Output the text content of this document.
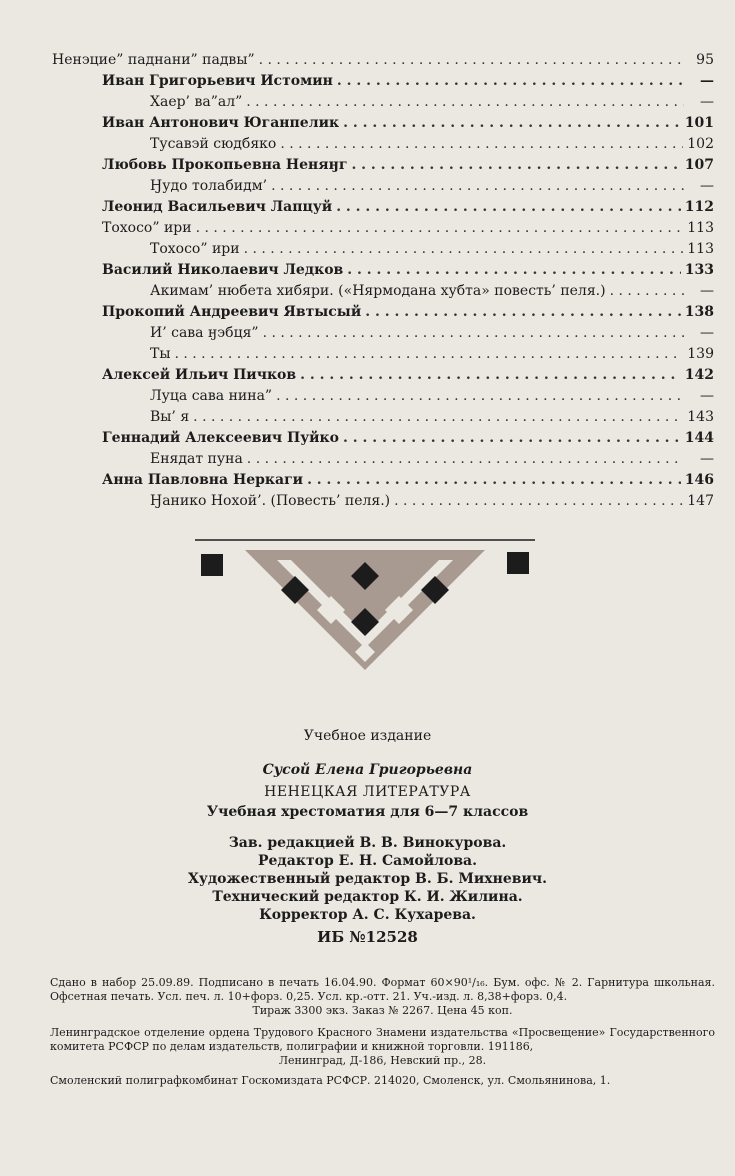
Ненэцие” паднани” падвы” . . .	95
Иван Григорьевич Истомин . . .	—
Хаер’ ва”ал” . . .	—
Иван Антонович Юганпелик . . .	101
Тусавэй сюдбяко . . .	102
Любовь Прокопьевна Неняӈг . . .	107
Ӈудо толабидм’ . . .	—
Леонид Васильевич Лапцуй . . .	112
Тохосо” ири . . .	113
Тохосо” ири . . .	113
Василий Николаевич Ледков . . .	133
Акимам’ нюбета хибяри. («Нярмодана хубта» повесть’ пеля.) . . .	—
Прокопий Андреевич Явтысый . . .	138
И’ сава ӈэбця” . . .	—
Ты . . .	139
Алексей Ильич Пичков . . .	142
Луца сава нина” . . .	—
Вы’ я . . .	143
Геннадий Алексеевич Пуйко . . .	144
Енядат пуна . . .	—
Анна Павловна Неркаги . . .	146
Ӈанико Нохой’. (Повесть’ пеля.) . . .	147
Учебное издание
Сусой Елена Григорьевна
НЕНЕЦКАЯ ЛИТЕРАТУРА
Учебная хрестоматия для 6—7 классов
Зав. редакцией В. В. Винокурова.
Редактор Е. Н. Самойлова.
Художественный редактор В. Б. Михневич.
Технический редактор К. И. Жилина.
Корректор А. С. Кухарева.
ИБ №12528

Сдано в набор 25.09.89. Подписано в печать 16.04.90. Формат 60×90¹/₁₆. Бум. офс. № 2. Гарнитура школьная. Офсетная печать. Усл. печ. л. 10+форз. 0,25. Усл. кр.-отт. 21. Уч.-изд. л. 8,38+форз. 0,4.

Тираж 3300 экз. Заказ № 2267. Цена 45 коп.

Ленинградское отделение ордена Трудового Красного Знамени издательства «Просвещение» Государственного комитета РСФСР по делам издательств, полиграфии и книжной торговли. 191186,

Ленинград, Д-186, Невский пр., 28.

Смоленский полиграфкомбинат Госкомиздата РСФСР. 214020, Смоленск, ул. Смольянинова, 1.
